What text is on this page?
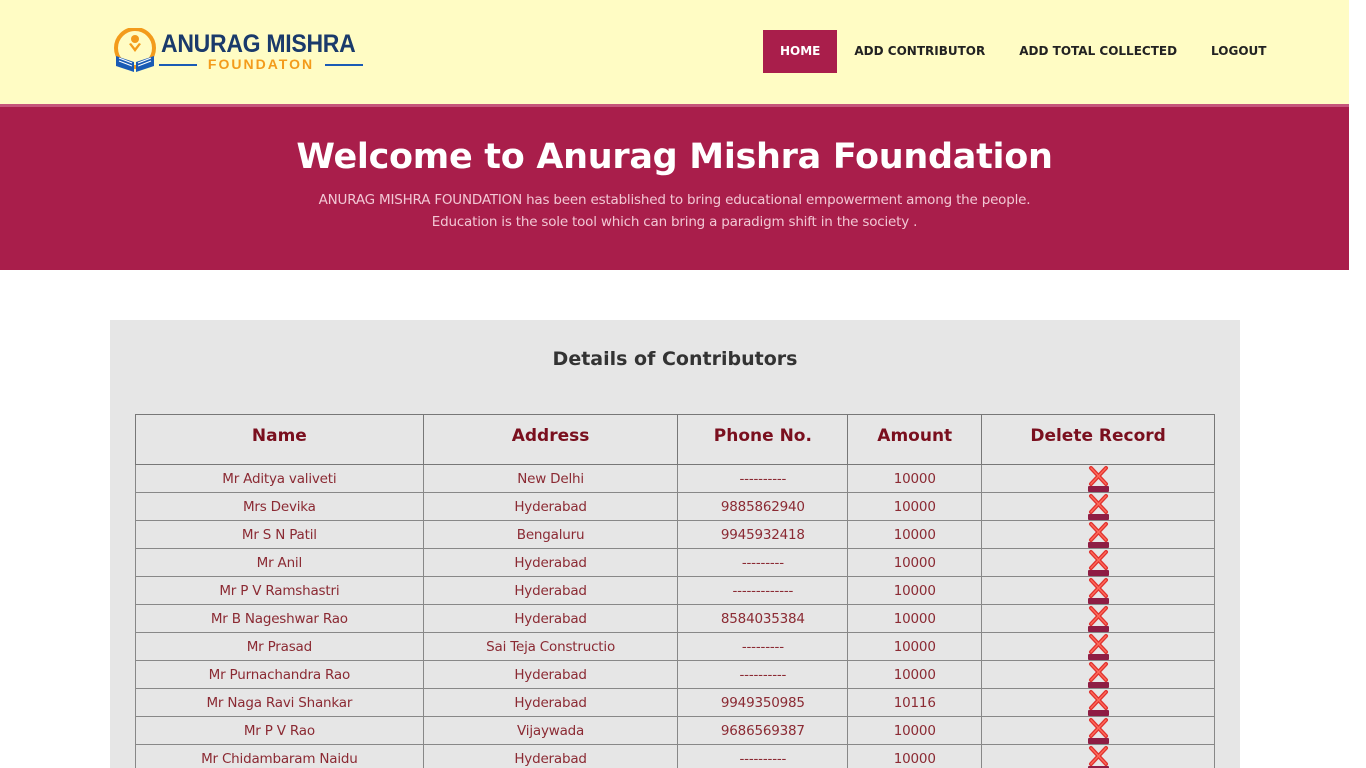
ANURAG MISHRA
FOUNDATON
HOME	ADD CONTRIBUTOR	ADD TOTAL COLLECTED	LOGOUT
Welcome to Anurag Mishra Foundation
ANURAG MISHRA FOUNDATION has been established to bring educational empowerment among the people.
Education is the sole tool which can bring a paradigm shift in the society .
Details of Contributors
Name	Address	Phone No.	Amount	Delete Record
Mr Aditya valiveti	New Delhi	----------	10000	

Mrs Devika	Hyderabad	9885862940	10000	

Mr S N Patil	Bengaluru	9945932418	10000	

Mr Anil	Hyderabad	---------	10000	

Mr P V Ramshastri	Hyderabad	-------------	10000	

Mr B Nageshwar Rao	Hyderabad	8584035384	10000	

Mr Prasad	Sai Teja Constructio	---------	10000	

Mr Purnachandra Rao	Hyderabad	----------	10000	

Mr Naga Ravi Shankar	Hyderabad	9949350985	10116	

Mr P V Rao	Vijaywada	9686569387	10000	

Mr Chidambaram Naidu	Hyderabad	----------	10000	
